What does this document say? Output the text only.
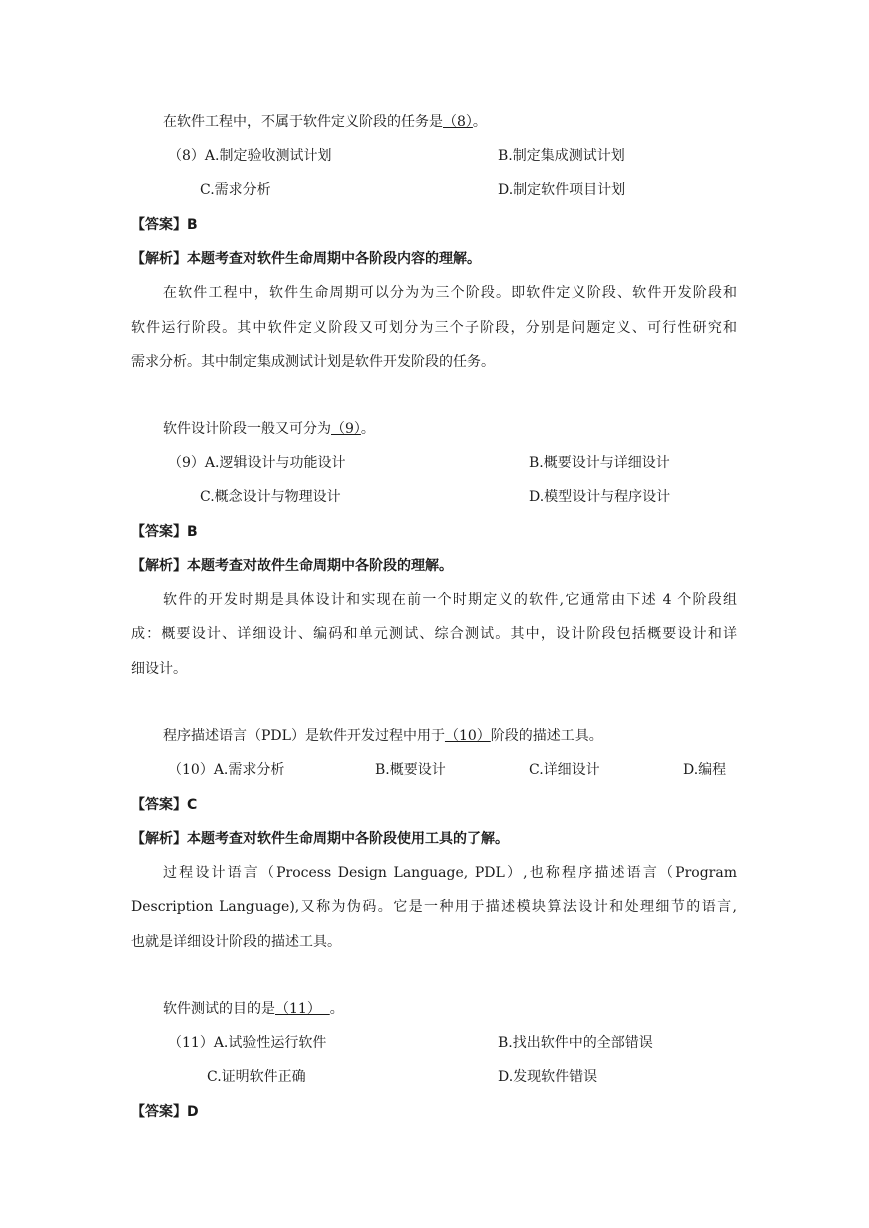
在软件工程中，不属于软件定义阶段的任务是（8）。
（8）A.制定验收测试计划	B.制定集成测试计划
C.需求分析	D.制定软件项目计划
【答案】B
【解析】本题考查对软件生命周期中各阶段内容的理解。
在软件工程中，软件生命周期可以分为为三个阶段。即软件定义阶段、软件开发阶段和
软件运行阶段。其中软件定义阶段又可划分为三个子阶段，分别是问题定义、可行性研究和
需求分析。其中制定集成测试计划是软件开发阶段的任务。
软件设计阶段一般又可分为（9）。
（9）A.逻辑设计与功能设计	B.概要设计与详细设计
C.概念设计与物理设计	D.模型设计与程序设计
【答案】B
【解析】本题考查对故件生命周期中各阶段的理解。
软件的开发时期是具体设计和实现在前一个时期定义的软件,它通常由下述 4 个阶段组
成：概要设计、详细设计、编码和单元测试、综合测试。其中，设计阶段包括概要设计和详
细设计。
程序描述语言（PDL）是软件开发过程中用于（10）阶段的描述工具。
（10）A.需求分析	B.概要设计	C.详细设计	D.编程
【答案】C
【解析】本题考查对软件生命周期中各阶段使用工具的了解。
过程设计语言（Process Design Language, PDL）,也称程序描述语言（Program
Description Language),又称为伪码。它是一种用于描述模块算法设计和处理细节的语言,
也就是详细设计阶段的描述工具。
软件测试的目的是（11）  。
（11）A.试验性运行软件	B.找出软件中的全部错误
C.证明软件正确	D.发现软件错误
【答案】D
